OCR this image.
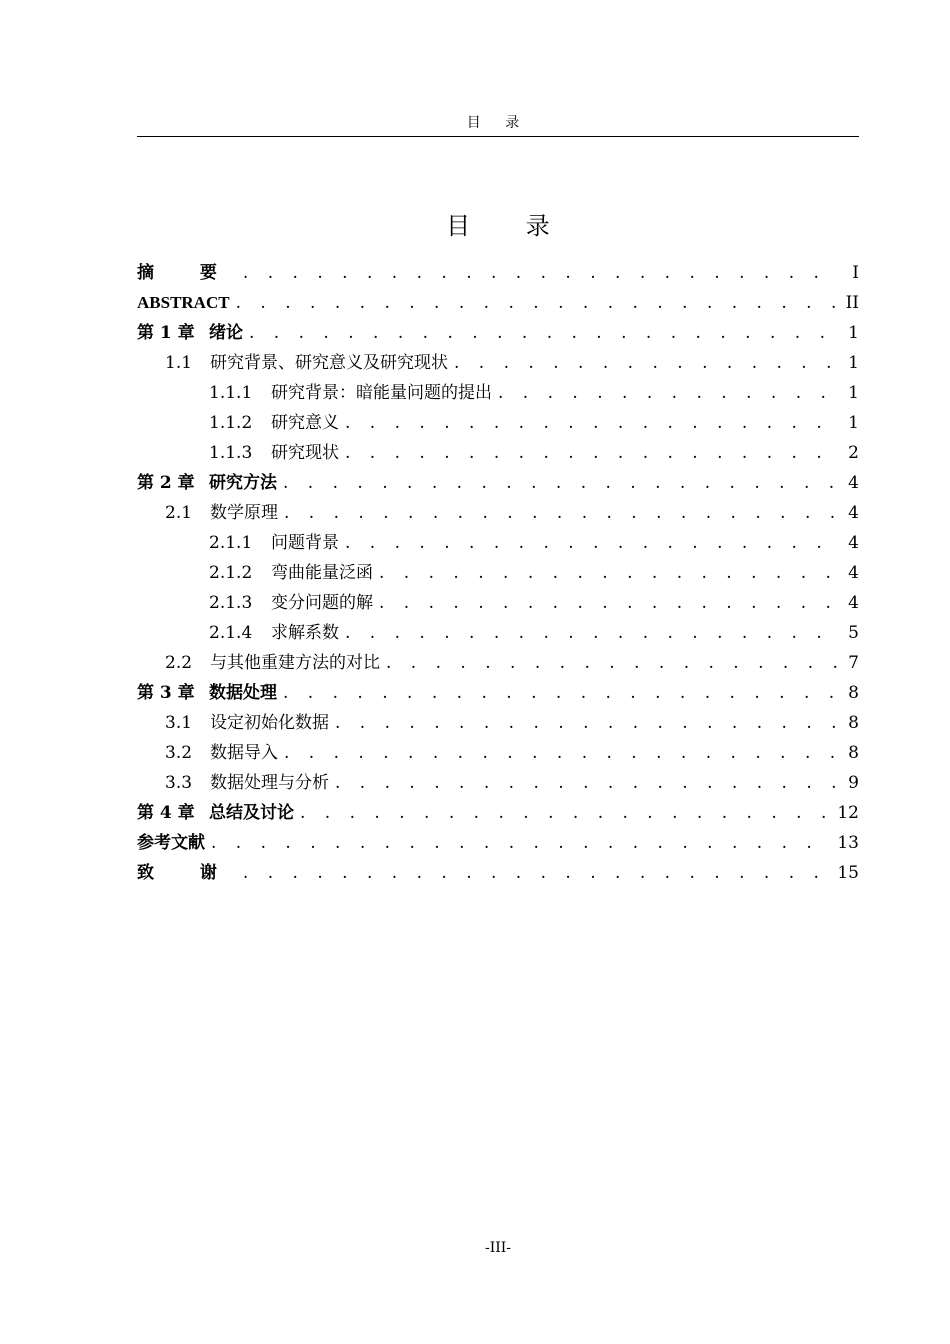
目 录
目 录
摘 要 . . .	I
ABSTRACT . . .	II
第 1 章 绪论 . . .	1
1.1	研究背景、研究意义及研究现状 . . .	1
1.1.1	研究背景：暗能量问题的提出 . . .	1
1.1.2	研究意义 . . .	1
1.1.3	研究现状 . . .	2
第 2 章 研究方法 . . .	4
2.1	数学原理 . . .	4
2.1.1	问题背景 . . .	4
2.1.2	弯曲能量泛函 . . .	4
2.1.3	变分问题的解 . . .	4
2.1.4	求解系数 . . .	5
2.2	与其他重建方法的对比 . . .	7
第 3 章 数据处理 . . .	8
3.1	设定初始化数据 . . .	8
3.2	数据导入 . . .	8
3.3	数据处理与分析 . . .	9
第 4 章 总结及讨论 . . .	12
参考文献 . . .	13
致 谢 . . .	15
-III-
